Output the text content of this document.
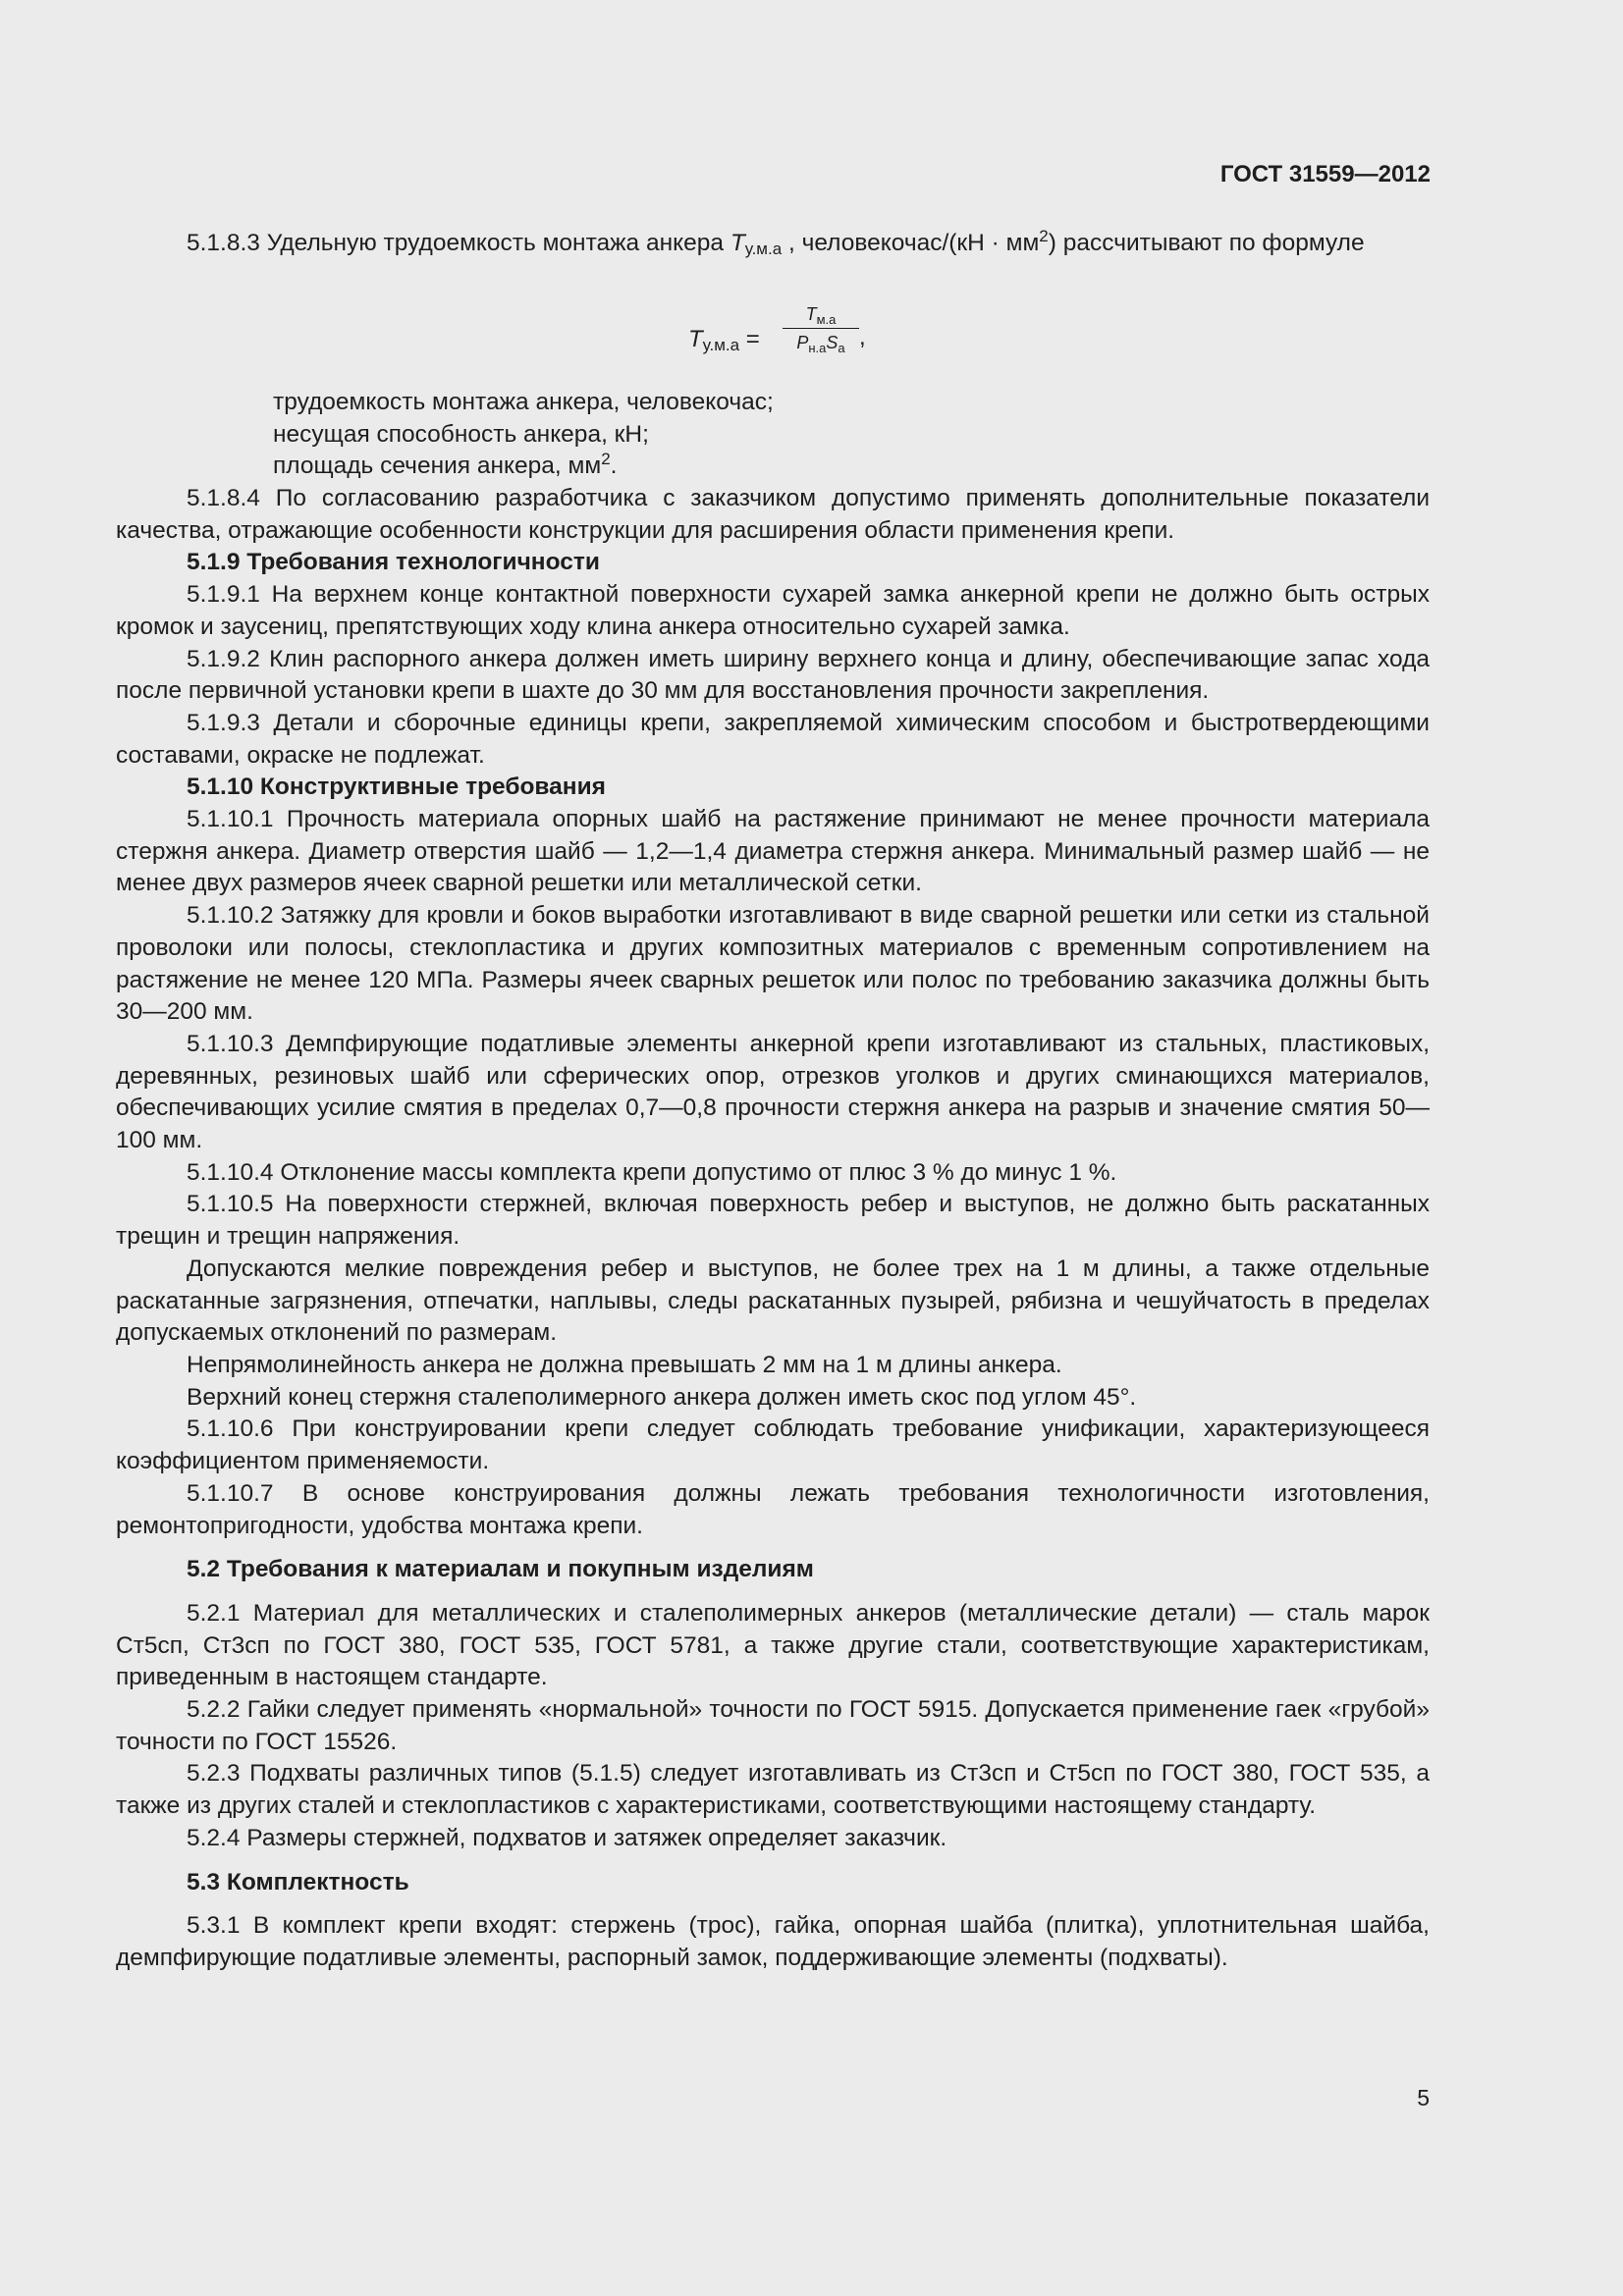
ГОСТ 31559—2012

5.1.8.3 Удельную трудоемкость монтажа анкера $T_{у.м.а}$ , человекочас/(кН · $мм^2$) рассчитывают по формуле

$T_{у.м.а}$ =
$T_{м.а}$
$P_{н.а}S_a$ ,
трудоемкость монтажа анкера, человекочас;
несущая способность анкера, кН;
площадь сечения анкера, $мм^2$.

5.1.8.4 По согласованию разработчика с заказчиком допустимо применять дополнительные показатели качества, отражающие особенности конструкции для расширения области применения крепи.

5.1.9 Требования технологичности

5.1.9.1 На верхнем конце контактной поверхности сухарей замка анкерной крепи не должно быть острых кромок и заусениц, препятствующих ходу клина анкера относительно сухарей замка.

5.1.9.2 Клин распорного анкера должен иметь ширину верхнего конца и длину, обеспечивающие запас хода после первичной установки крепи в шахте до 30 мм для восстановления прочности закрепления.

5.1.9.3 Детали и сборочные единицы крепи, закрепляемой химическим способом и быстротвердеющими составами, окраске не подлежат.

5.1.10 Конструктивные требования

5.1.10.1 Прочность материала опорных шайб на растяжение принимают не менее прочности материала стержня анкера. Диаметр отверстия шайб — 1,2—1,4 диаметра стержня анкера. Минимальный размер шайб — не менее двух размеров ячеек сварной решетки или металлической сетки.

5.1.10.2 Затяжку для кровли и боков выработки изготавливают в виде сварной решетки или сетки из стальной проволоки или полосы, стеклопластика и других композитных материалов с временным сопротивлением на растяжение не менее 120 МПа. Размеры ячеек сварных решеток или полос по требованию заказчика должны быть 30—200 мм.

5.1.10.3 Демпфирующие податливые элементы анкерной крепи изготавливают из стальных, пластиковых, деревянных, резиновых шайб или сферических опор, отрезков уголков и других сминающихся материалов, обеспечивающих усилие смятия в пределах 0,7—0,8 прочности стержня анкера на разрыв и значение смятия 50—100 мм.

5.1.10.4 Отклонение массы комплекта крепи допустимо от плюс 3 % до минус 1 %.

5.1.10.5 На поверхности стержней, включая поверхность ребер и выступов, не должно быть раскатанных трещин и трещин напряжения.

Допускаются мелкие повреждения ребер и выступов, не более трех на 1 м длины, а также отдельные раскатанные загрязнения, отпечатки, наплывы, следы раскатанных пузырей, рябизна и чешуйчатость в пределах допускаемых отклонений по размерам.

Непрямолинейность анкера не должна превышать 2 мм на 1 м длины анкера.

Верхний конец стержня сталеполимерного анкера должен иметь скос под углом 45°.

5.1.10.6 При конструировании крепи следует соблюдать требование унификации, характеризующееся коэффициентом применяемости.

5.1.10.7 В основе конструирования должны лежать требования технологичности изготовления, ремонтопригодности, удобства монтажа крепи.

5.2 Требования к материалам и покупным изделиям

5.2.1 Материал для металлических и сталеполимерных анкеров (металлические детали) — сталь марок Ст5сп, Ст3сп по ГОСТ 380, ГОСТ 535, ГОСТ 5781, а также другие стали, соответствующие характеристикам, приведенным в настоящем стандарте.

5.2.2 Гайки следует применять «нормальной» точности по ГОСТ 5915. Допускается применение гаек «грубой» точности по ГОСТ 15526.

5.2.3 Подхваты различных типов (5.1.5) следует изготавливать из Ст3сп и Ст5сп по ГОСТ 380, ГОСТ 535, а также из других сталей и стеклопластиков с характеристиками, соответствующими настоящему стандарту.

5.2.4 Размеры стержней, подхватов и затяжек определяет заказчик.

5.3 Комплектность

5.3.1 В комплект крепи входят: стержень (трос), гайка, опорная шайба (плитка), уплотнительная шайба, демпфирующие податливые элементы, распорный замок, поддерживающие элементы (подхваты).

5
